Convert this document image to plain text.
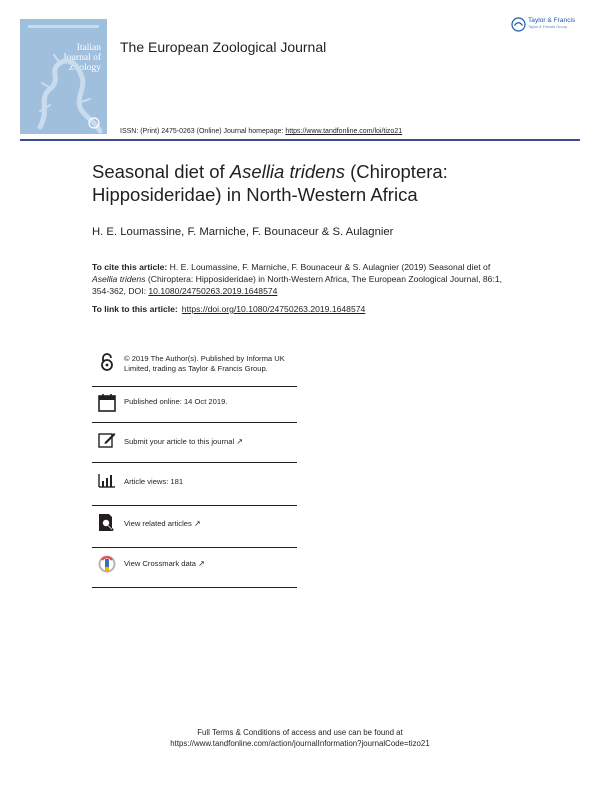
Italian
Journal of
Zoology
The European Zoological Journal
Taylor & Francis
Taylor & Francis Group
ISSN: (Print) 2475-0263 (Online) Journal homepage: https://www.tandfonline.com/loi/tizo21
Seasonal diet of Asellia tridens (Chiroptera: Hipposideridae) in North-Western Africa
H. E. Loumassine, F. Marniche, F. Bounaceur & S. Aulagnier
To cite this article: H. E. Loumassine, F. Marniche, F. Bounaceur & S. Aulagnier (2019) Seasonal diet of Asellia tridens (Chiroptera: Hipposideridae) in North-Western Africa, The European Zoological Journal, 86:1, 354-362, DOI: 10.1080/24750263.2019.1648574
To link to this article: https://doi.org/10.1080/24750263.2019.1648574
© 2019 The Author(s). Published by Informa UK Limited, trading as Taylor & Francis Group.
Published online: 14 Oct 2019.
Submit your article to this journal ↗
Article views: 181
View related articles ↗
View Crossmark data ↗
Full Terms & Conditions of access and use can be found at
https://www.tandfonline.com/action/journalInformation?journalCode=tizo21
